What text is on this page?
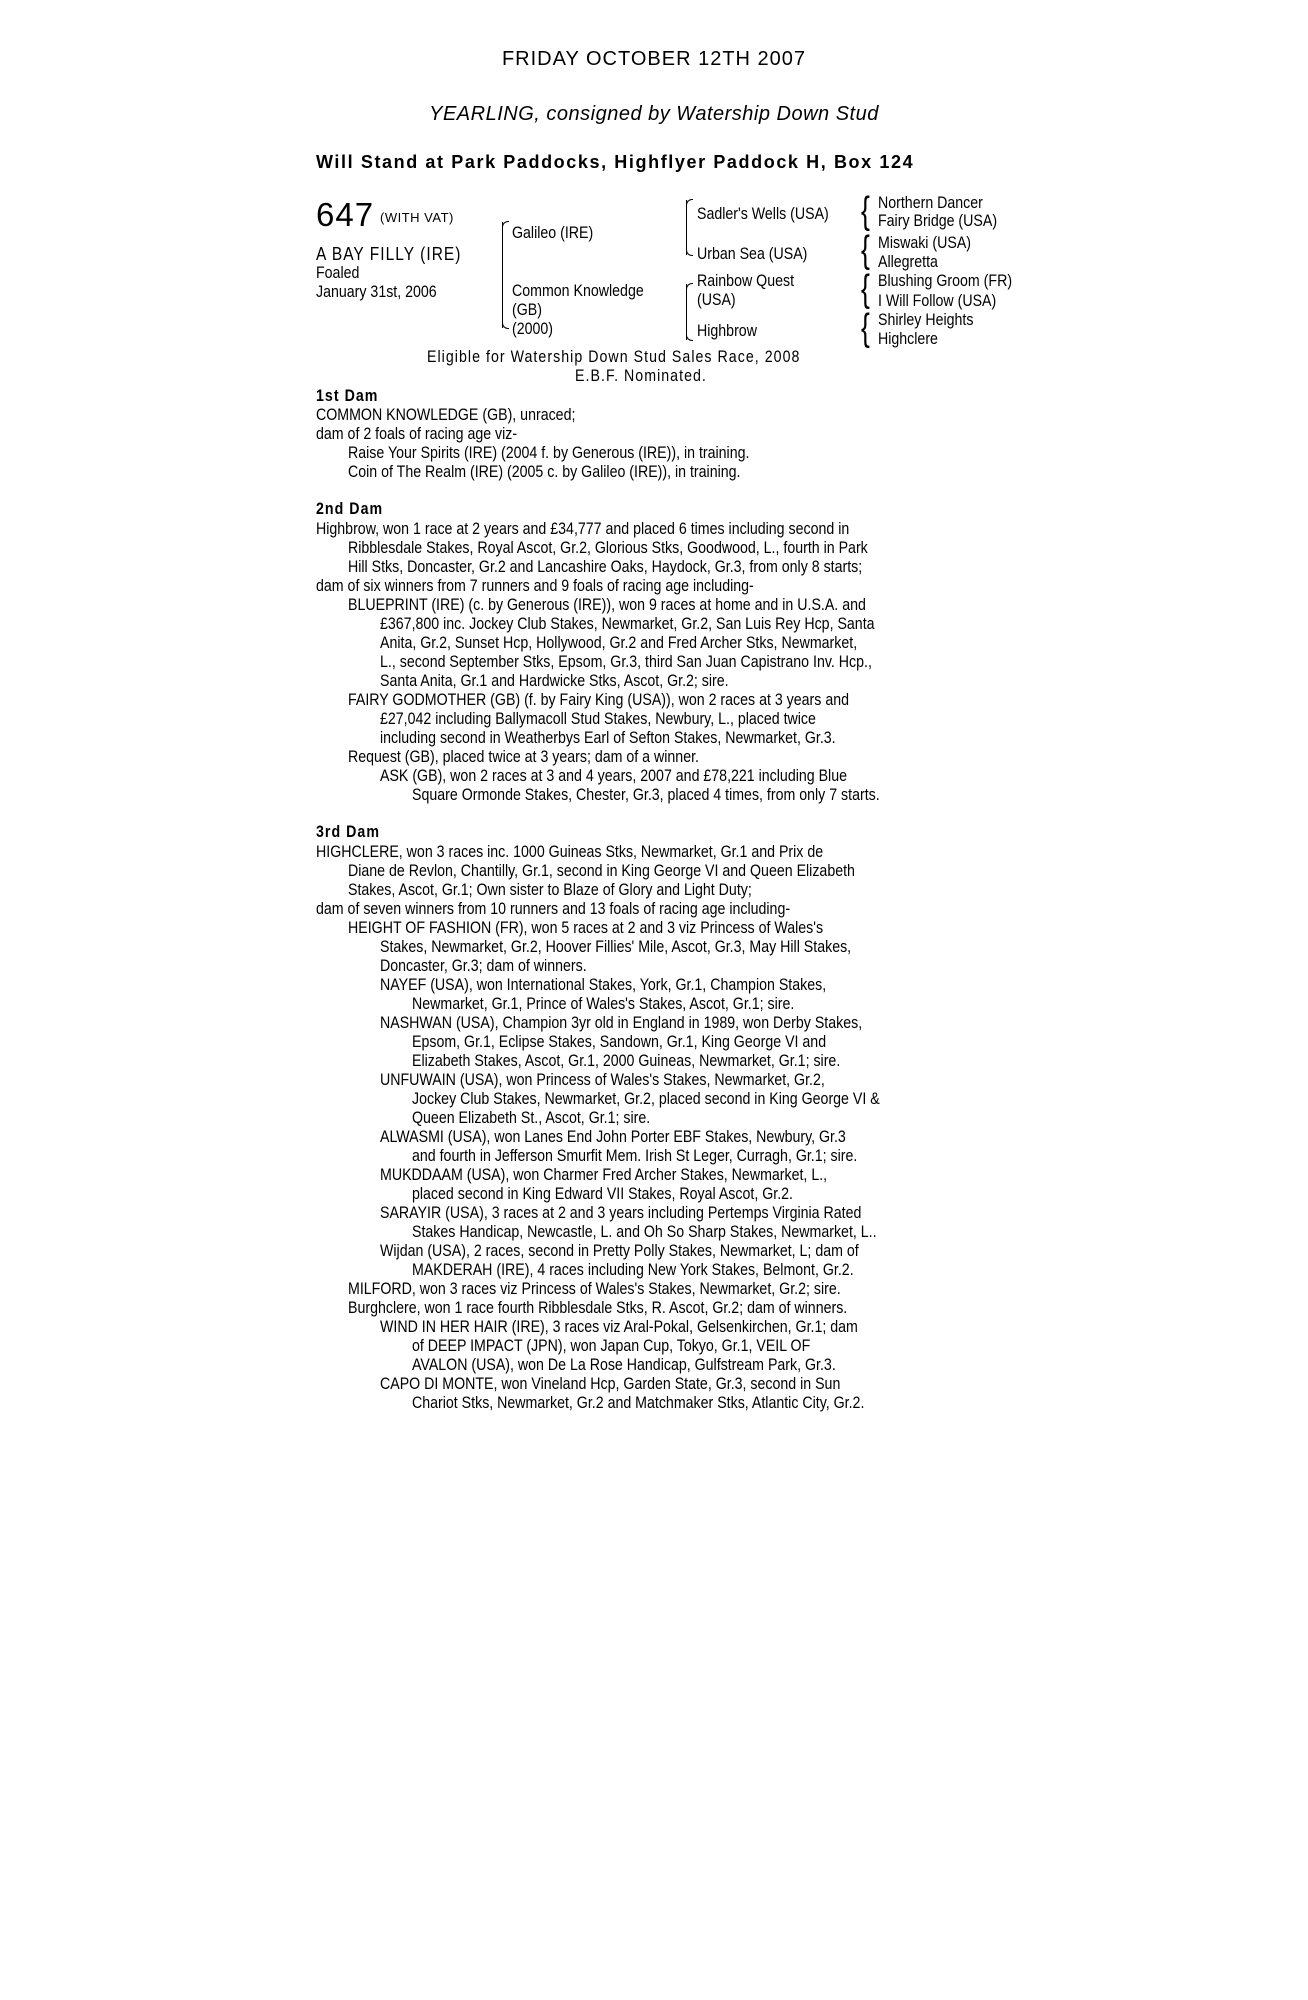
FRIDAY OCTOBER 12TH 2007
YEARLING, consigned by Watership Down Stud
Will Stand at Park Paddocks, Highflyer Paddock H, Box 124
647 (WITH VAT)
A BAY FILLY (IRE)
Foaled
January 31st, 2006
Galileo (IRE)
Common Knowledge
(GB)
(2000)
Sadler's Wells (USA)
Urban Sea (USA)
Rainbow Quest
(USA)
Highbrow
{
{
{
{
Northern Dancer
Fairy Bridge (USA)
Miswaki (USA)
Allegretta
Blushing Groom (FR)
I Will Follow (USA)
Shirley Heights
Highclere
Eligible for Watership Down Stud Sales Race, 2008
E.B.F. Nominated.
1st Dam
COMMON KNOWLEDGE (GB), unraced;
dam of 2 foals of racing age viz-
Raise Your Spirits (IRE) (2004 f. by Generous (IRE)), in training.
Coin of The Realm (IRE) (2005 c. by Galileo (IRE)), in training.
2nd Dam
Highbrow, won 1 race at 2 years and £34,777 and placed 6 times including second in
Ribblesdale Stakes, Royal Ascot, Gr.2, Glorious Stks, Goodwood, L., fourth in Park
Hill Stks, Doncaster, Gr.2 and Lancashire Oaks, Haydock, Gr.3, from only 8 starts;
dam of six winners from 7 runners and 9 foals of racing age including-
BLUEPRINT (IRE) (c. by Generous (IRE)), won 9 races at home and in U.S.A. and
£367,800 inc. Jockey Club Stakes, Newmarket, Gr.2, San Luis Rey Hcp, Santa
Anita, Gr.2, Sunset Hcp, Hollywood, Gr.2 and Fred Archer Stks, Newmarket,
L., second September Stks, Epsom, Gr.3, third San Juan Capistrano Inv. Hcp.,
Santa Anita, Gr.1 and Hardwicke Stks, Ascot, Gr.2; sire.
FAIRY GODMOTHER (GB) (f. by Fairy King (USA)), won 2 races at 3 years and
£27,042 including Ballymacoll Stud Stakes, Newbury, L., placed twice
including second in Weatherbys Earl of Sefton Stakes, Newmarket, Gr.3.
Request (GB), placed twice at 3 years; dam of a winner.
ASK (GB), won 2 races at 3 and 4 years, 2007 and £78,221 including Blue
Square Ormonde Stakes, Chester, Gr.3, placed 4 times, from only 7 starts.
3rd Dam
HIGHCLERE, won 3 races inc. 1000 Guineas Stks, Newmarket, Gr.1 and Prix de
Diane de Revlon, Chantilly, Gr.1, second in King George VI and Queen Elizabeth
Stakes, Ascot, Gr.1; Own sister to Blaze of Glory and Light Duty;
dam of seven winners from 10 runners and 13 foals of racing age including-
HEIGHT OF FASHION (FR), won 5 races at 2 and 3 viz Princess of Wales's
Stakes, Newmarket, Gr.2, Hoover Fillies' Mile, Ascot, Gr.3, May Hill Stakes,
Doncaster, Gr.3; dam of winners.
NAYEF (USA), won International Stakes, York, Gr.1, Champion Stakes,
Newmarket, Gr.1, Prince of Wales's Stakes, Ascot, Gr.1; sire.
NASHWAN (USA), Champion 3yr old in England in 1989, won Derby Stakes,
Epsom, Gr.1, Eclipse Stakes, Sandown, Gr.1, King George VI and
Elizabeth Stakes, Ascot, Gr.1, 2000 Guineas, Newmarket, Gr.1; sire.
UNFUWAIN (USA), won Princess of Wales's Stakes, Newmarket, Gr.2,
Jockey Club Stakes, Newmarket, Gr.2, placed second in King George VI &
Queen Elizabeth St., Ascot, Gr.1; sire.
ALWASMI (USA), won Lanes End John Porter EBF Stakes, Newbury, Gr.3
and fourth in Jefferson Smurfit Mem. Irish St Leger, Curragh, Gr.1; sire.
MUKDDAAM (USA), won Charmer Fred Archer Stakes, Newmarket, L.,
placed second in King Edward VII Stakes, Royal Ascot, Gr.2.
SARAYIR (USA), 3 races at 2 and 3 years including Pertemps Virginia Rated
Stakes Handicap, Newcastle, L. and Oh So Sharp Stakes, Newmarket, L..
Wijdan (USA), 2 races, second in Pretty Polly Stakes, Newmarket, L; dam of
MAKDERAH (IRE), 4 races including New York Stakes, Belmont, Gr.2.
MILFORD, won 3 races viz Princess of Wales's Stakes, Newmarket, Gr.2; sire.
Burghclere, won 1 race fourth Ribblesdale Stks, R. Ascot, Gr.2; dam of winners.
WIND IN HER HAIR (IRE), 3 races viz Aral-Pokal, Gelsenkirchen, Gr.1; dam
of DEEP IMPACT (JPN), won Japan Cup, Tokyo, Gr.1, VEIL OF
AVALON (USA), won De La Rose Handicap, Gulfstream Park, Gr.3.
CAPO DI MONTE, won Vineland Hcp, Garden State, Gr.3, second in Sun
Chariot Stks, Newmarket, Gr.2 and Matchmaker Stks, Atlantic City, Gr.2.
